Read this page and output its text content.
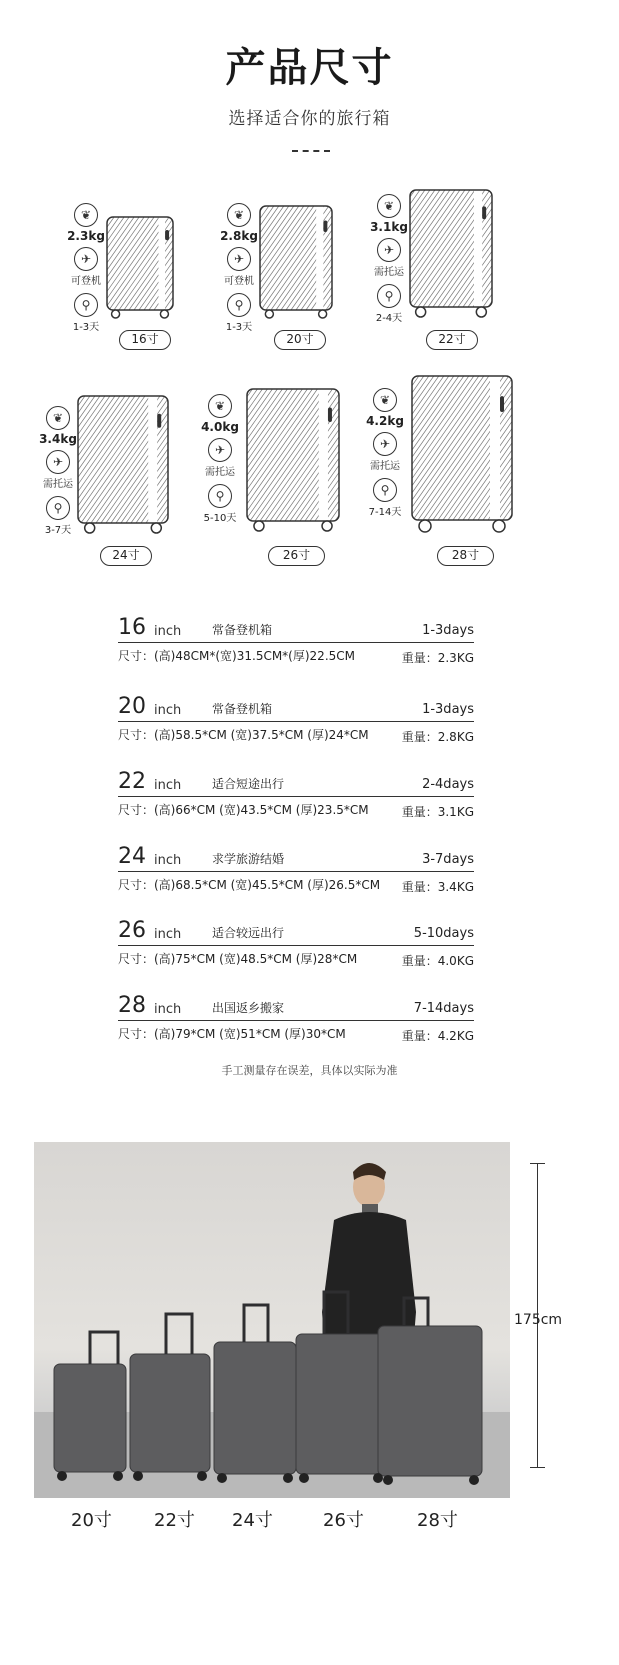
产品尺寸
选择适合你的旅行箱
❦
2.3kg
✈
可登机
⚲
1-3天
16寸
❦
2.8kg
✈
可登机
⚲
1-3天
20寸
❦
3.1kg
✈
需托运
⚲
2-4天
22寸
❦
3.4kg
✈
需托运
⚲
3-7天
24寸
❦
4.0kg
✈
需托运
⚲
5-10天
26寸
❦
4.2kg
✈
需托运
⚲
7-14天
28寸
16 inch	常备登机箱	1-3days
尺寸：(高)48CM*(宽)31.5CM*(厚)22.5CM	重量：2.3KG
20 inch	常备登机箱	1-3days
尺寸：(高)58.5*CM (宽)37.5*CM (厚)24*CM	重量：2.8KG
22 inch	适合短途出行	2-4days
尺寸：(高)66*CM (宽)43.5*CM (厚)23.5*CM	重量：3.1KG
24 inch	求学旅游结婚	3-7days
尺寸：(高)68.5*CM (宽)45.5*CM (厚)26.5*CM 重量：3.4KG
26 inch	适合较远出行	5-10days
尺寸：(高)75*CM (宽)48.5*CM (厚)28*CM	重量：4.0KG
28 inch	出国返乡搬家	7-14days
尺寸：(高)79*CM (宽)51*CM (厚)30*CM	重量：4.2KG
手工测量存在误差，具体以实际为准
175cm
20寸 22寸 24寸	26寸	28寸
